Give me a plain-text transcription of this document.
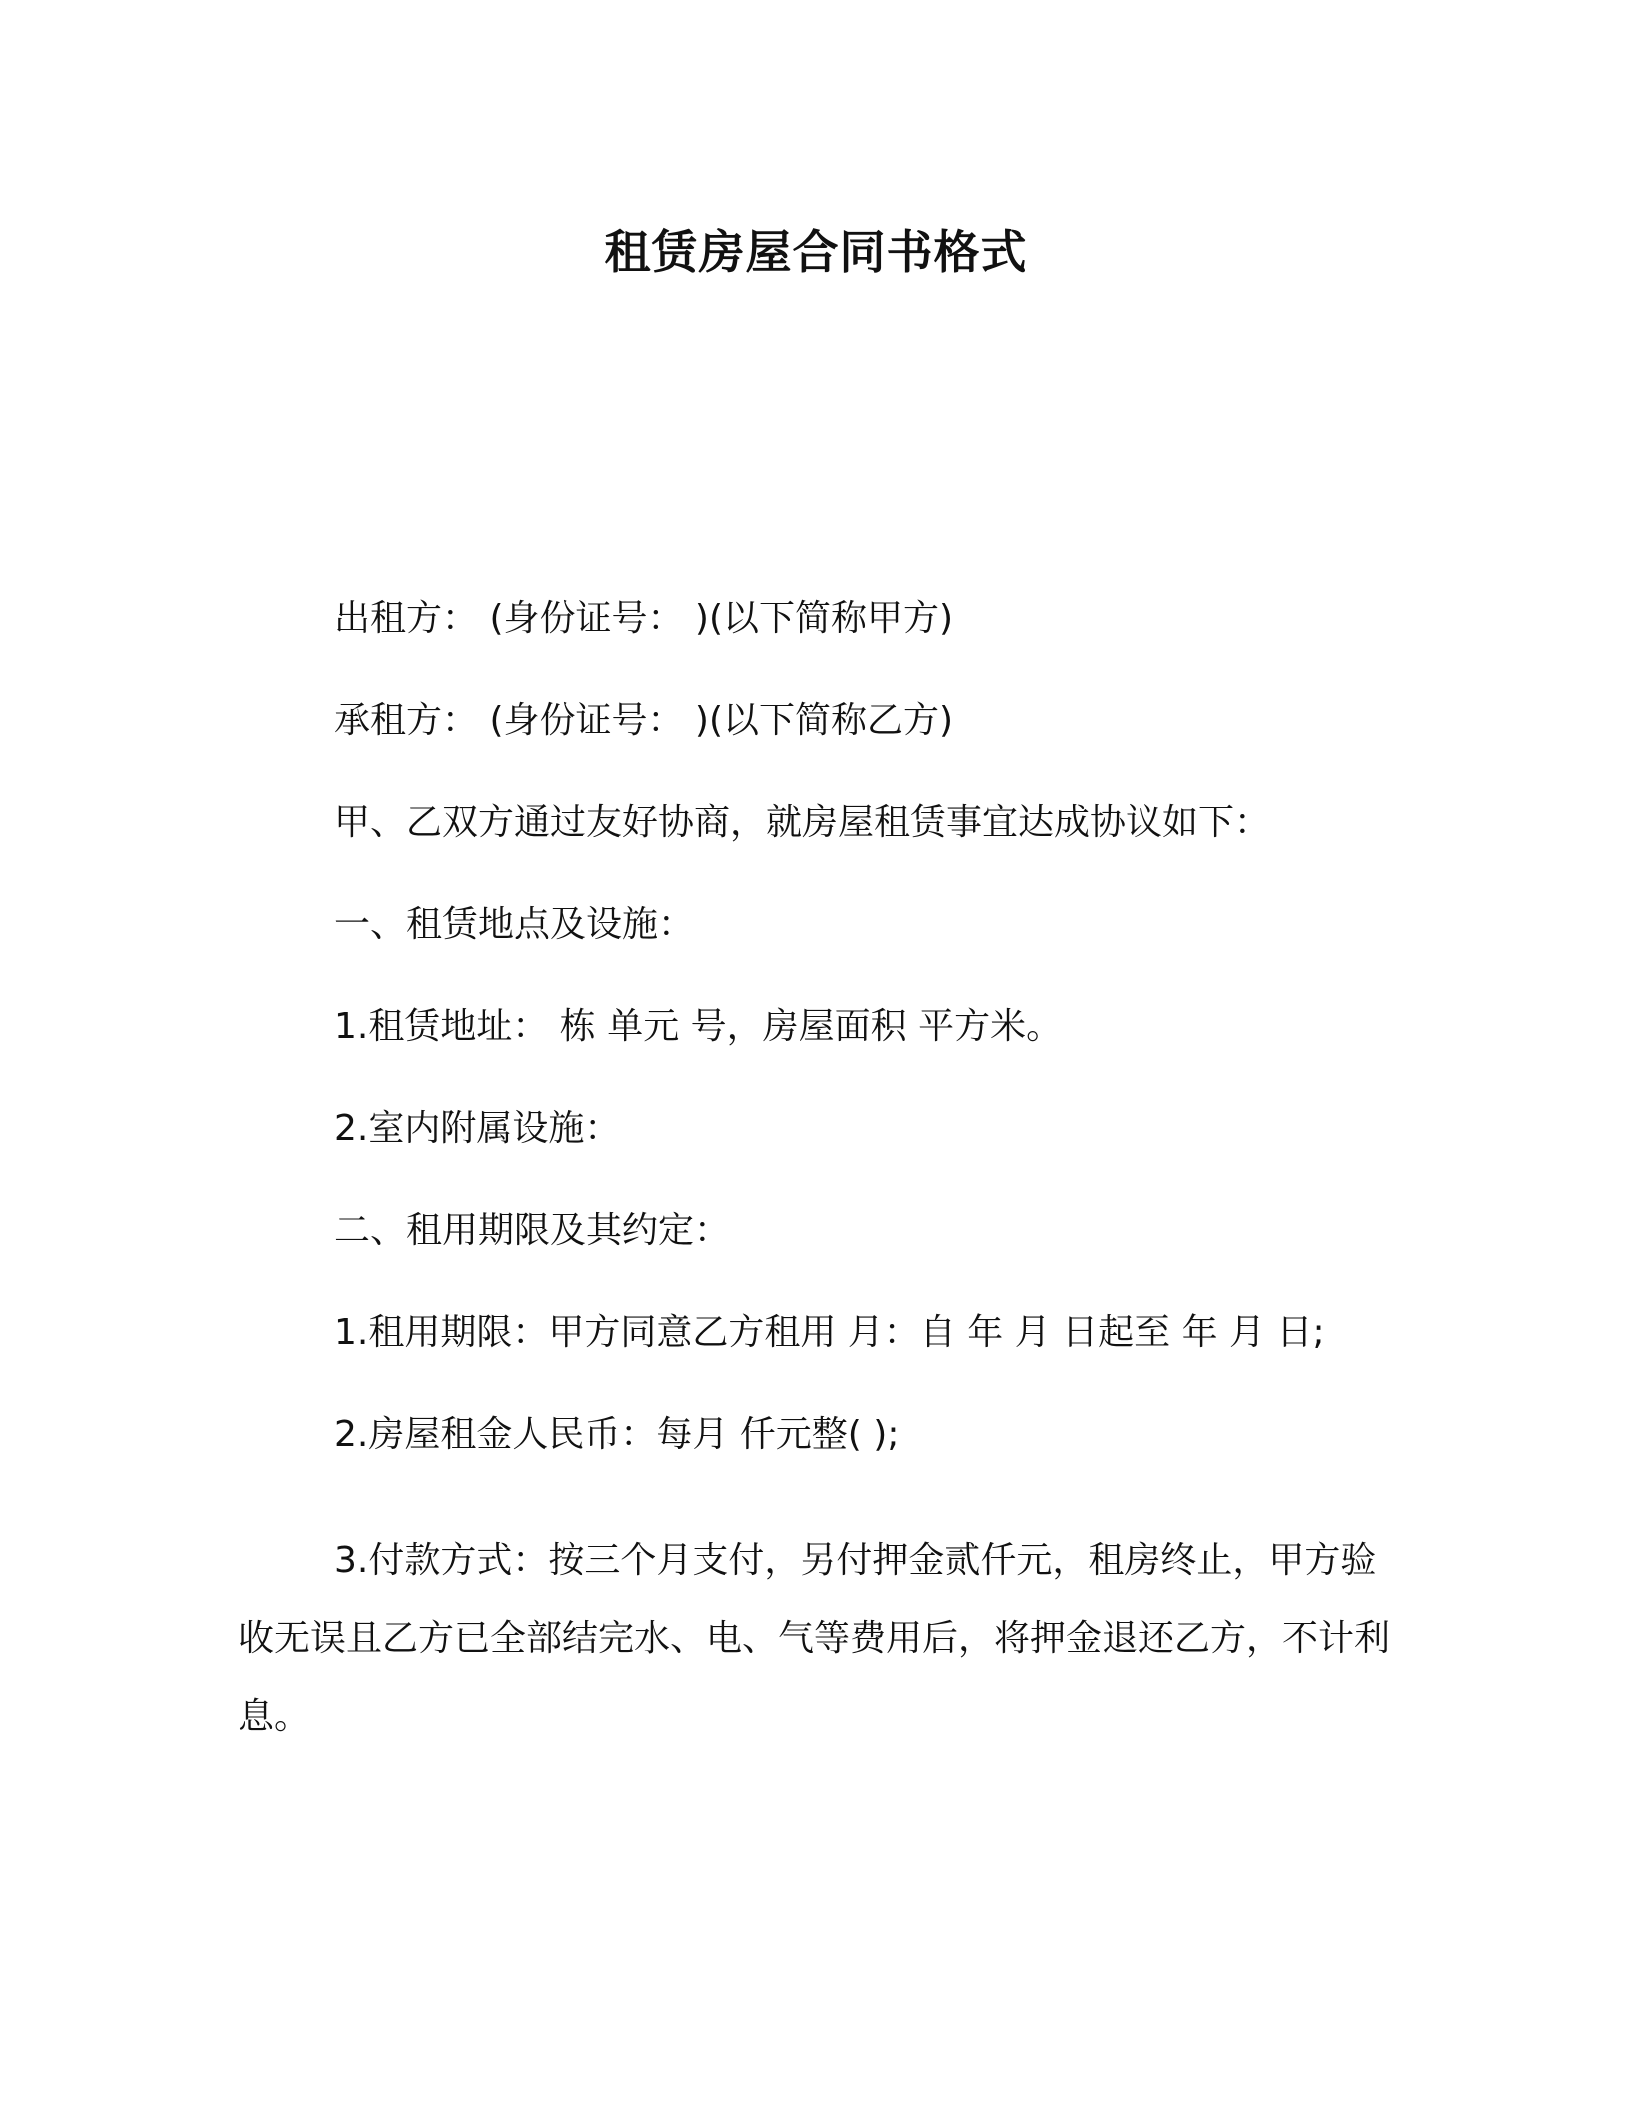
租赁房屋合同书格式
出租方： (身份证号： )(以下简称甲方)
承租方： (身份证号： )(以下简称乙方)
甲、乙双方通过友好协商，就房屋租赁事宜达成协议如下：
一、租赁地点及设施：
1.租赁地址： 栋 单元 号，房屋面积 平方米。
2.室内附属设施：
二、租用期限及其约定：
1.租用期限：甲方同意乙方租用 月：自 年 月 日起至 年 月 日;
2.房屋租金人民币：每月 仟元整( );
3.付款方式：按三个月支付，另付押金贰仟元，租房终止，甲方验收无误且乙方已全部结完水、电、气等费用后，将押金退还乙方，不计利息。
